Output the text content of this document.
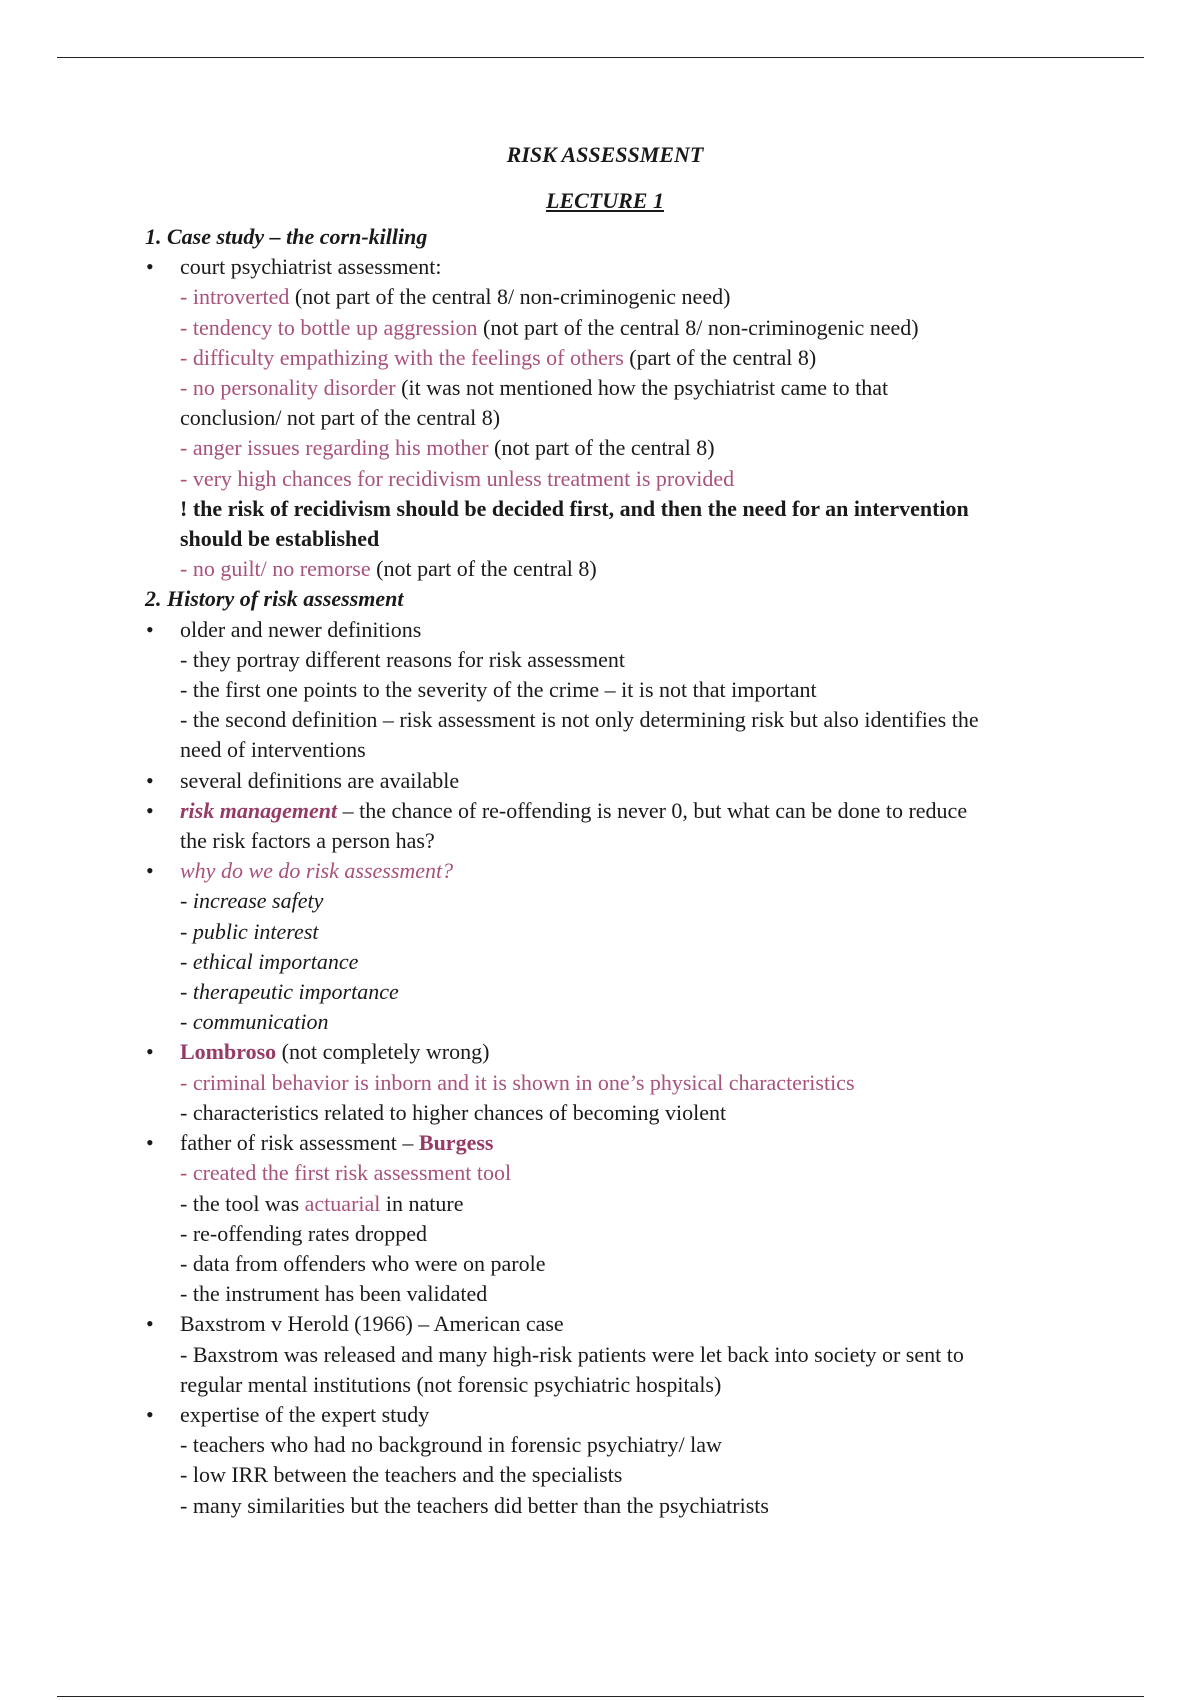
RISK ASSESSMENT

LECTURE 1

1. Case study – the corn-killing

court psychiatrist assessment:

- introverted (not part of the central 8/ non-criminogenic need)

- tendency to bottle up aggression (not part of the central 8/ non-criminogenic need)

- difficulty empathizing with the feelings of others (part of the central 8)

- no personality disorder (it was not mentioned how the psychiatrist came to that

conclusion/ not part of the central 8)

- anger issues regarding his mother (not part of the central 8)

- very high chances for recidivism unless treatment is provided

! the risk of recidivism should be decided first, and then the need for an intervention

should be established

- no guilt/ no remorse (not part of the central 8)

2. History of risk assessment

older and newer definitions

- they portray different reasons for risk assessment

- the first one points to the severity of the crime – it is not that important

- the second definition – risk assessment is not only determining risk but also identifies the

need of interventions

several definitions are available

risk management – the chance of re-offending is never 0, but what can be done to reduce

the risk factors a person has?

why do we do risk assessment?

- increase safety

- public interest

- ethical importance

- therapeutic importance

- communication

Lombroso (not completely wrong)

- criminal behavior is inborn and it is shown in one’s physical characteristics

- characteristics related to higher chances of becoming violent

father of risk assessment – Burgess

- created the first risk assessment tool

- the tool was actuarial in nature

- re-offending rates dropped

- data from offenders who were on parole

- the instrument has been validated

Baxstrom v Herold (1966) – American case

- Baxstrom was released and many high-risk patients were let back into society or sent to

regular mental institutions (not forensic psychiatric hospitals)

expertise of the expert study

- teachers who had no background in forensic psychiatry/ law

- low IRR between the teachers and the specialists

- many similarities but the teachers did better than the psychiatrists
